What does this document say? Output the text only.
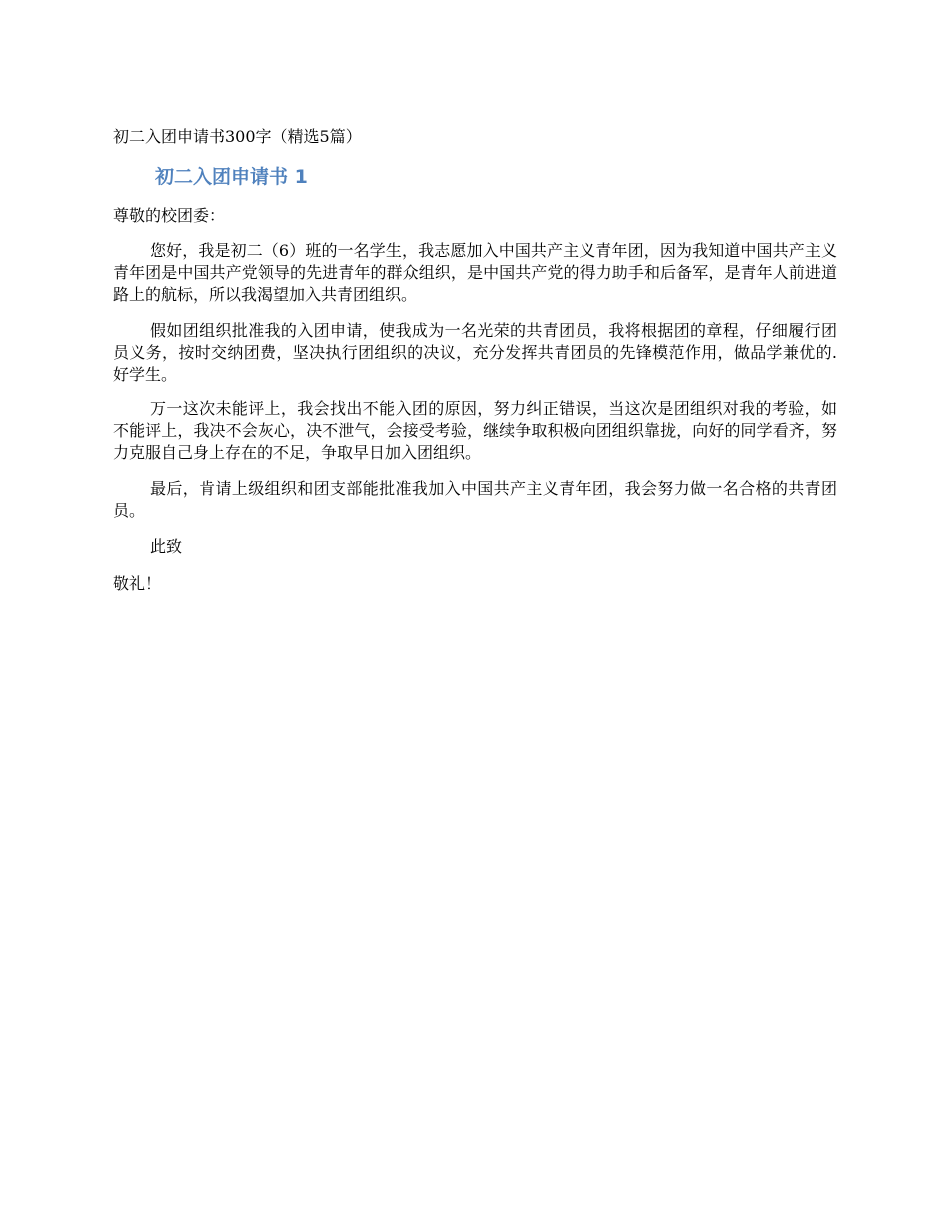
初二入团申请书300字（精选5篇）
初二入团申请书 1

尊敬的校团委：

您好，我是初二（6）班的一名学生，我志愿加入中国共产主义青年团，因为我知道中国共产主义青年团是中国共产党领导的先进青年的群众组织，是中国共产党的得力助手和后备军，是青年人前进道路上的航标，所以我渴望加入共青团组织。

假如团组织批准我的入团申请，使我成为一名光荣的共青团员，我将根据团的章程，仔细履行团员义务，按时交纳团费，坚决执行团组织的决议，充分发挥共青团员的先锋模范作用，做品学兼优的.好学生。

万一这次未能评上，我会找出不能入团的原因，努力纠正错误，当这次是团组织对我的考验，如不能评上，我决不会灰心，决不泄气，会接受考验，继续争取积极向团组织靠拢，向好的同学看齐，努力克服自己身上存在的不足，争取早日加入团组织。

最后，肯请上级组织和团支部能批准我加入中国共产主义青年团，我会努力做一名合格的共青团员。

此致

敬礼！
